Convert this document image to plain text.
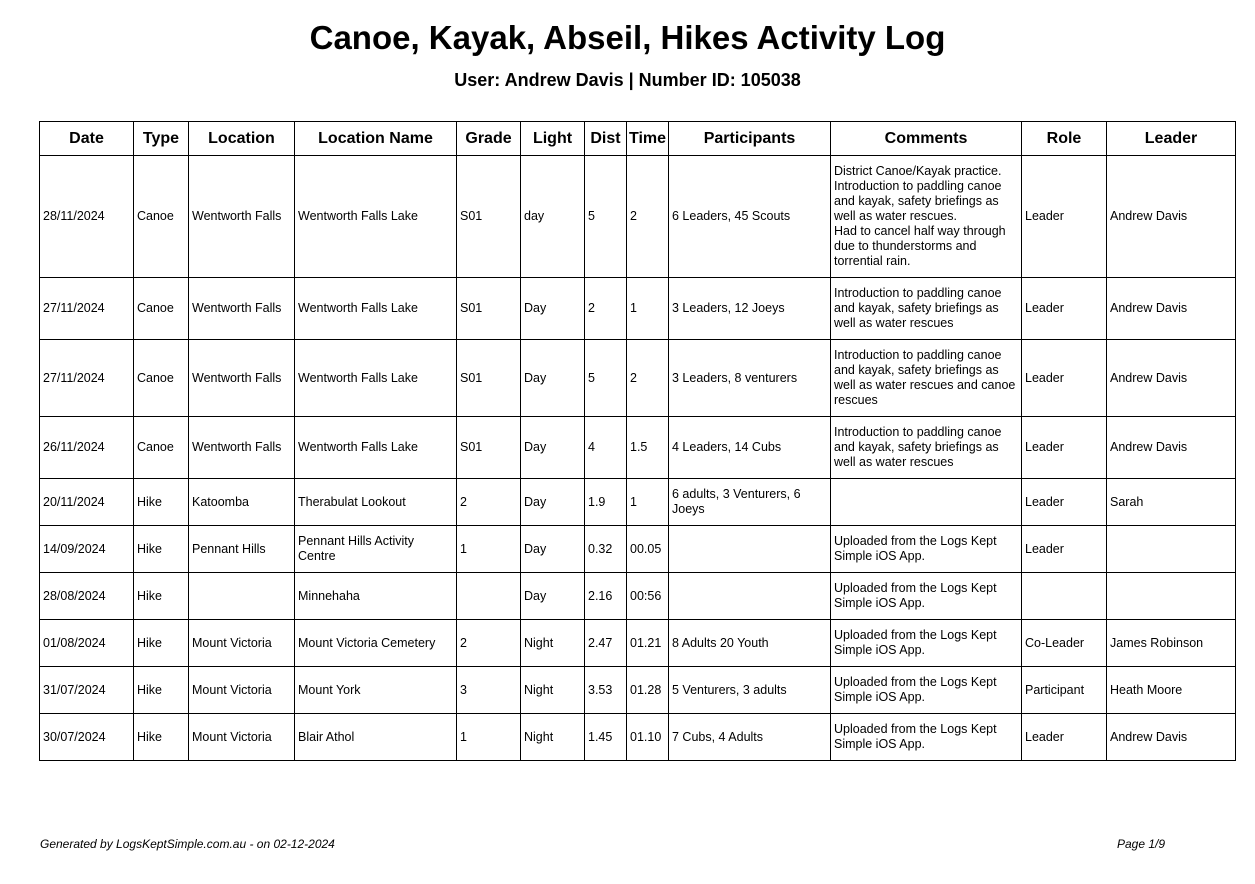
Canoe, Kayak, Abseil, Hikes Activity Log
User: Andrew Davis | Number ID: 105038
Date	Type	Location	Location Name	Grade	Light	Dist	Time	Participants	Comments	Role	Leader
28/11/2024	Canoe	Wentworth Falls	Wentworth Falls Lake	S01	day	5	2	6 Leaders, 45 Scouts	District Canoe/Kayak practice.
Introduction to paddling canoe and kayak, safety briefings as well as water rescues.
Had to cancel half way through due to thunderstorms and torrential rain.	Leader	Andrew Davis
27/11/2024	Canoe	Wentworth Falls	Wentworth Falls Lake	S01	Day	2	1	3 Leaders, 12 Joeys	Introduction to paddling canoe and kayak, safety briefings as well as water rescues	Leader	Andrew Davis
27/11/2024	Canoe	Wentworth Falls	Wentworth Falls Lake	S01	Day	5	2	3 Leaders, 8 venturers	Introduction to paddling canoe and kayak, safety briefings as well as water rescues and canoe rescues	Leader	Andrew Davis
26/11/2024	Canoe	Wentworth Falls	Wentworth Falls Lake	S01	Day	4	1.5	4 Leaders, 14 Cubs	Introduction to paddling canoe and kayak, safety briefings as well as water rescues	Leader	Andrew Davis
20/11/2024	Hike	Katoomba	Therabulat Lookout	2	Day	1.9	1	6 adults, 3 Venturers, 6 Joeys		Leader	Sarah
14/09/2024	Hike	Pennant Hills	Pennant Hills Activity Centre	1	Day	0.32	00.05		Uploaded from the Logs Kept Simple iOS App.	Leader	
28/08/2024	Hike		Minnehaha		Day	2.16	00:56		Uploaded from the Logs Kept Simple iOS App.		
01/08/2024	Hike	Mount Victoria	Mount Victoria Cemetery	2	Night	2.47	01.21	8 Adults 20 Youth	Uploaded from the Logs Kept Simple iOS App.	Co-Leader	James Robinson
31/07/2024	Hike	Mount Victoria	Mount York	3	Night	3.53	01.28	5 Venturers, 3 adults	Uploaded from the Logs Kept Simple iOS App.	Participant	Heath Moore
30/07/2024	Hike	Mount Victoria	Blair Athol	1	Night	1.45	01.10	7 Cubs, 4 Adults	Uploaded from the Logs Kept Simple iOS App.	Leader	Andrew Davis
Generated by LogsKeptSimple.com.au - on 02-12-2024	Page 1/9
